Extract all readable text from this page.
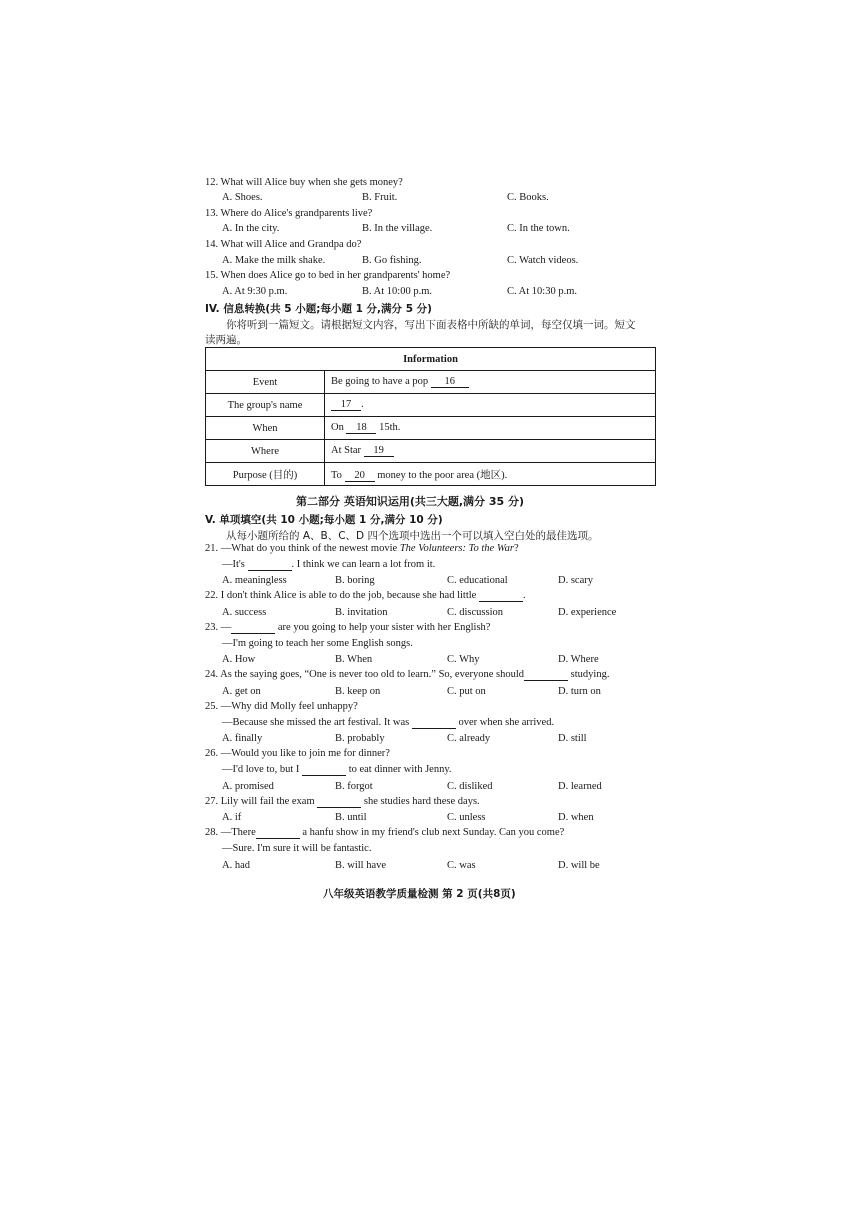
12. What will Alice buy when she gets money?
A. Shoes.	B. Fruit.	C. Books.
13. Where do Alice's grandparents live?
A. In the city.	B. In the village.	C. In the town.
14. What will Alice and Grandpa do?
A. Make the milk shake.	B. Go fishing.	C. Watch videos.
15. When does Alice go to bed in her grandparents' home?
A. At 9:30 p.m.	B. At 10:00 p.m.	C. At 10:30 p.m.
IV. 信息转换(共 5 小题;每小题 1 分,满分 5 分)
你将听到一篇短文。请根据短文内容，写出下面表格中所缺的单词，每空仅填一词。短文
读两遍。
Information	
Event	Be going to have a pop 16
The group's name	17 .
When	On 18 15th.
Where	At Star 19
Purpose (目的)	To 20 money to the poor area (地区).
第二部分 英语知识运用(共三大题,满分 35 分)
V. 单项填空(共 10 小题;每小题 1 分,满分 10 分)
从每小题所给的 A、B、C、D 四个选项中选出一个可以填入空白处的最佳选项。
21. —What do you think of the newest movie The Volunteers: To the War?
—It's	. I think we can learn a lot from it.
A. meaningless	B. boring	C. educational	D. scary
22. I don't think Alice is able to do the job, because she had little	.
A. success	B. invitation	C. discussion	D. experience
23. —	are you going to help your sister with her English?
—I'm going to teach her some English songs.
A. How	B. When	C. Why	D. Where
24. As the saying goes, “One is never too old to learn.” So, everyone should	studying.
A. get on	B. keep on	C. put on	D. turn on
25. —Why did Molly feel unhappy?
—Because she missed the art festival. It was	over when she arrived.
A. finally	B. probably	C. already	D. still
26. —Would you like to join me for dinner?
—I'd love to, but I	to eat dinner with Jenny.
A. promised	B. forgot	C. disliked	D. learned
27. Lily will fail the exam	she studies hard these days.
A. if	B. until	C. unless	D. when
28. —There	a hanfu show in my friend's club next Sunday. Can you come?
—Sure. I'm sure it will be fantastic.
A. had	B. will have	C. was	D. will be
八年级英语教学质量检测 第 2 页(共8页)
